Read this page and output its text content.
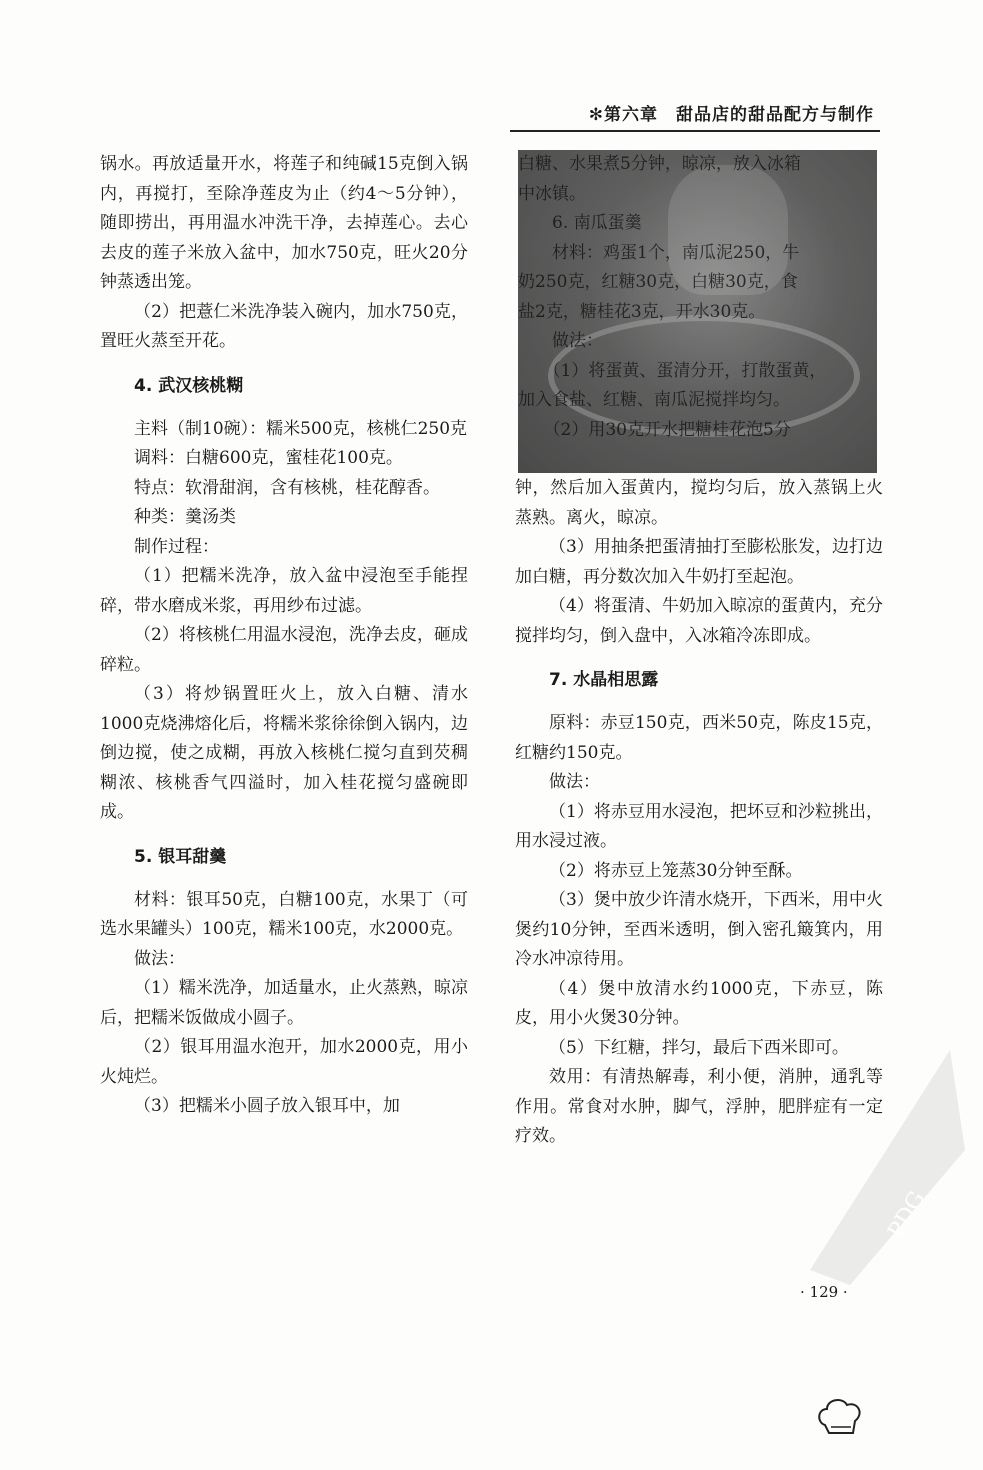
✻第六章　甜品店的甜品配方与制作

锅水。再放适量开水，将莲子和纯碱15克倒入锅内，再搅打，至除净莲皮为止（约4～5分钟），随即捞出，再用温水冲洗干净，去掉莲心。去心去皮的莲子米放入盆中，加水750克，旺火20分钟蒸透出笼。

（2）把薏仁米洗净装入碗内，加水750克，置旺火蒸至开花。

4. 武汉核桃糊

主料（制10碗）：糯米500克，核桃仁250克

调料：白糖600克，蜜桂花100克。

特点：软滑甜润，含有核桃，桂花醇香。

种类：羹汤类

制作过程：

（1）把糯米洗净，放入盆中浸泡至手能捏碎，带水磨成米浆，再用纱布过滤。

（2）将核桃仁用温水浸泡，洗净去皮，砸成碎粒。

（3）将炒锅置旺火上，放入白糖、清水1000克烧沸熔化后，将糯米浆徐徐倒入锅内，边倒边搅，使之成糊，再放入核桃仁搅匀直到芡稠糊浓、核桃香气四溢时，加入桂花搅匀盛碗即成。

5. 银耳甜羹

材料：银耳50克，白糖100克，水果丁（可选水果罐头）100克，糯米100克，水2000克。

做法：

（1）糯米洗净，加适量水，止火蒸熟，晾凉后，把糯米饭做成小圆子。

（2）银耳用温水泡开，加水2000克，用小火炖烂。

（3）把糯米小圆子放入银耳中，加

白糖、水果煮5分钟，晾凉，放入冰箱

中冰镇。

　　6. 南瓜蛋羹

　　材料：鸡蛋1个，南瓜泥250，牛

奶250克，红糖30克，白糖30克，食

盐2克，糖桂花3克，开水30克。

　　做法：

　　（1）将蛋黄、蛋清分开，打散蛋黄，

加入食盐、红糖、南瓜泥搅拌均匀。

　　（2）用30克开水把糖桂花泡5分

钟，然后加入蛋黄内，搅均匀后，放入蒸锅上火蒸熟。离火，晾凉。

（3）用抽条把蛋清抽打至膨松胀发，边打边加白糖，再分数次加入牛奶打至起泡。

（4）将蛋清、牛奶加入晾凉的蛋黄内，充分搅拌均匀，倒入盘中，入冰箱冷冻即成。

7. 水晶相思露

原料：赤豆150克，西米50克，陈皮15克，红糖约150克。

做法：

（1）将赤豆用水浸泡，把坏豆和沙粒挑出，用水浸过液。

（2）将赤豆上笼蒸30分钟至酥。

（3）煲中放少许清水烧开，下西米，用中火煲约10分钟，至西米透明，倒入密孔簸箕内，用冷水冲凉待用。

（4）煲中放清水约1000克，下赤豆，陈皮，用小火煲30分钟。

（5）下红糖，拌匀，最后下西米即可。

效用：有清热解毒，利小便，消肿，通乳等作用。常食对水肿，脚气，浮肿，肥胖症有一定疗效。

· 129 ·
PDG
